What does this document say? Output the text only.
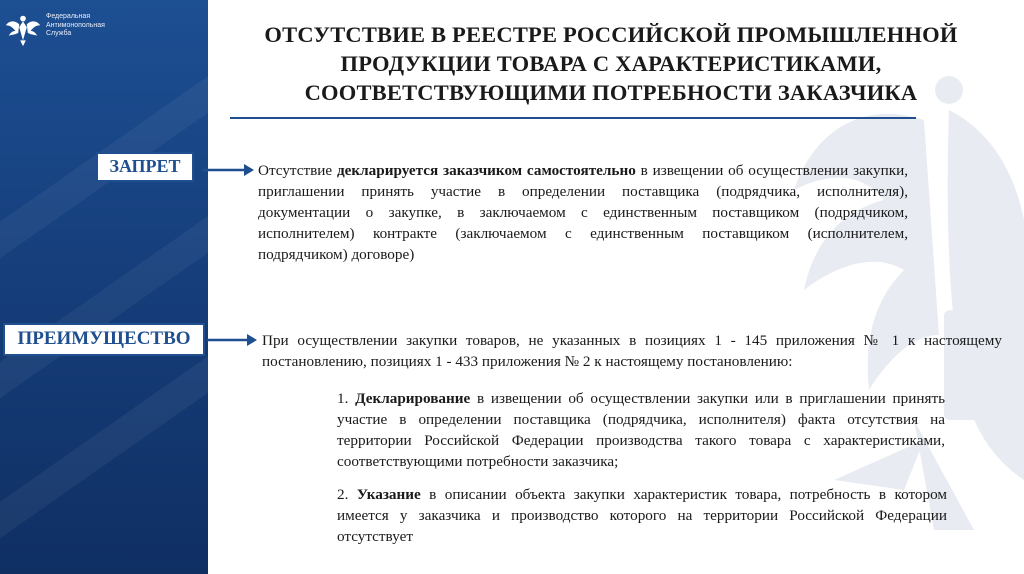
Федеральная
Антимонопольная
Служба	ОТСУТСТВИЕ В РЕЕСТРЕ РОССИЙСКОЙ ПРОМЫШЛЕННОЙ
ПРОДУКЦИИ ТОВАРА С ХАРАКТЕРИСТИКАМИ,
СООТВЕТСТВУЮЩИМИ ПОТРЕБНОСТИ ЗАКАЗЧИКА
ЗАПРЕТ	Отсутствие декларируется заказчиком самостоятельно в извещении об осуществлении закупки, приглашении принять участие в определении поставщика (подрядчика, исполнителя), документации о закупке, в заключаемом с единственным поставщиком (подрядчиком, исполнителем) контракте (заключаемом с единственным поставщиком (исполнителем, подрядчиком) договоре)
ПРЕИМУЩЕСТВО	При осуществлении закупки товаров, не указанных в позициях 1 - 145 приложения № 1 к настоящему постановлению, позициях 1 - 433 приложения № 2 к настоящему постановлению:
1. Декларирование в извещении об осуществлении закупки или в приглашении принять участие в определении поставщика (подрядчика, исполнителя) факта отсутствия на территории Российской Федерации производства такого товара с характеристиками, соответствующими потребности заказчика;
2. Указание в описании объекта закупки характеристик товара, потребность в котором имеется у заказчика и производство которого на территории Российской Федерации отсутствует
